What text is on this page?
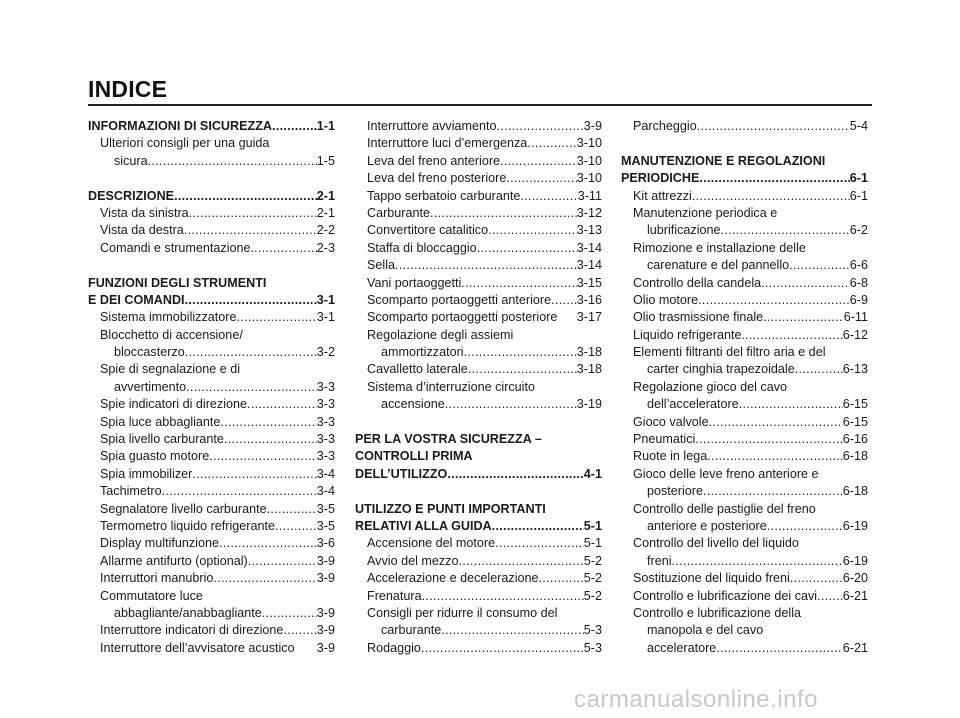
INDICE
INFORMAZIONI DI SICUREZZA .....	1-1
Ulteriori consigli per una guida
sicura .....	1-5
DESCRIZIONE .....	2-1
Vista da sinistra .....	2-1
Vista da destra .....	2-2
Comandi e strumentazione. .....	2-3
FUNZIONI DEGLI STRUMENTI
E DEI COMANDI .....	3-1
Sistema immobilizzatore .....	3-1
Blocchetto di accensione/
bloccasterzo .....	3-2
Spie di segnalazione e di
avvertimento .....	3-3
Spie indicatori di direzione .....	3-3
Spia luce abbagliante .....	3-3
Spia livello carburante .....	3-3
Spia guasto motore .....	3-3
Spia immobilizer .....	3-4
Tachimetro .....	3-4
Segnalatore livello carburante .....	3-5
Termometro liquido refrigerante .....	3-5
Display multifunzione .....	3-6
Allarme antifurto (optional) .....	3-9
Interruttori manubrio .....	3-9
Commutatore luce
abbagliante/anabbagliante .....	3-9
Interruttore indicatori di direzione .....	3-9
Interruttore dell’avvisatore acustico 3-9
Interruttore avviamento .....	3-9
Interruttore luci d’emergenza .....	3-10
Leva del freno anteriore .....	3-10
Leva del freno posteriore .....	3-10
Tappo serbatoio carburante .....	3-11
Carburante .....	3-12
Convertitore catalitico .....	3-13
Staffa di bloccaggio .....	3-14
Sella .....	3-14
Vani portaoggetti .....	3-15
Scomparto portaoggetti anteriore ..... 3-16
Scomparto portaoggetti posteriore 3-17
Regolazione degli assiemi
ammortizzatori .....	3-18
Cavalletto laterale .....	3-18
Sistema d’interruzione circuito
accensione .....	3-19
PER LA VOSTRA SICUREZZA –
CONTROLLI PRIMA
DELL’UTILIZZO .....	4-1
UTILIZZO E PUNTI IMPORTANTI
RELATIVI ALLA GUIDA .....	5-1
Accensione del motore .....	5-1
Avvio del mezzo .....	5-2
Accelerazione e decelerazione .....	5-2
Frenatura .....	5-2
Consigli per ridurre il consumo del
carburante .....	5-3
Rodaggio .....	5-3
Parcheggio .....	5-4
MANUTENZIONE E REGOLAZIONI
PERIODICHE .....	6-1
Kit attrezzi .....	6-1
Manutenzione periodica e
lubrificazione .....	6-2
Rimozione e installazione delle
carenature e del pannello .....	6-6
Controllo della candela .....	6-8
Olio motore .....	6-9
Olio trasmissione finale. .....	6-11
Liquido refrigerante. .....	6-12
Elementi filtranti del filtro aria e del
carter cinghia trapezoidale .....	6-13
Regolazione gioco del cavo
dell’acceleratore .....	6-15
Gioco valvole .....	6-15
Pneumatici .....	6-16
Ruote in lega .....	6-18
Gioco delle leve freno anteriore e
posteriore .....	6-18
Controllo delle pastiglie del freno
anteriore e posteriore .....	6-19
Controllo del livello del liquido
freni .....	6-19
Sostituzione del liquido freni .....	6-20
Controllo e lubrificazione dei cavi ..... 6-21
Controllo e lubrificazione della
manopola e del cavo
acceleratore .....	6-21
carmanualsonline.info
